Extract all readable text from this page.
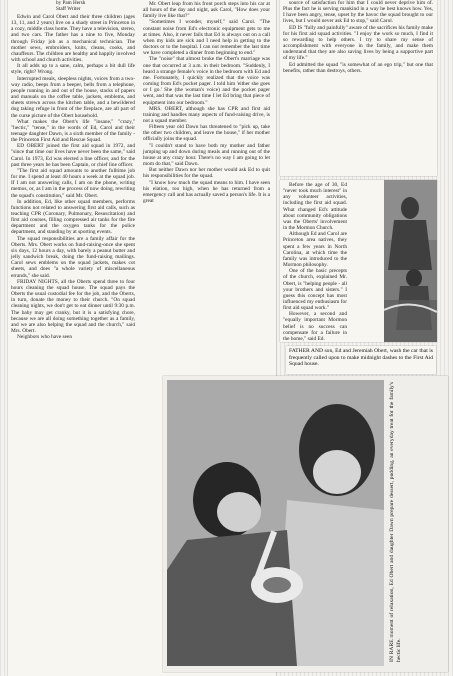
by Pam Hersh
Staff Writer
Edwin and Carol Obert and their three children (ages 13, 11, and 2 years) live on a shady street in Princeton in a cozy, middle class home. They have a television, stereo, and two cars. The father has a nine to five, Monday through Friday job as a mechanical technician. The mother sews, embroiders, knits, cleans, cooks, and chauffeurs. The children are healthy and happily involved with school and church activities.
It all adds up to a sane, calm, perhaps a bit dull life style, right? Wrong.
Interrupted meals, sleepless nights, voices from a two-way radio, beeps from a beeper, bells from a telephone, people running in and out of the house, stacks of papers and manuals on the coffee table, jackets, emblems, and sheets strewn across the kitchen table, and a bewildered dog taking refuge in front of the fireplace, are all part of the curse picture of the Obert household.
What makes the Obert's life "insane," "crazy," "hectic," "tense," in the words of Ed, Carol and their teenage daughter Dawn, is a sixth member of the family - the Princeton First Aid and Rescue Squad.
ED OBERT joined the first aid squad in 1972, and "since that time our lives have never been the same," said Carol. In 1973, Ed was elected a line officer, and for the past three years he has been Captain, or chief line officer.
"The first aid squad amounts to another fulltime job for me. I spend at least 40 hours a week at the squad job. If I am not answering calls, I am on the phone, writing memos, or, as I am in the process of now doing, rewriting the squad's constitution," said Mr. Obert.
In addition, Ed, like other squad members, performs functions not related to answering first aid calls, such as teaching CPR (Coronary, Pulmonary, Resuscitation) and first aid courses, filling compressed air tanks for the fire department and the oxygen tanks for the police department, and standing by at sporting events.
The squad responsibilities are a family affair for the Oberts. Mrs. Obert works on fund-raising-once she spent six days, 12 hours a day, with barely a peanut butter and jelly sandwich break, doing the fund-raising mailings. Carol sews emblems on the squad jackets, makes cot sheets, and does "a whole variety of miscellaneous errands," she said.
FRIDAY NIGHTS, all the Oberts spend three to four hours cleaning the squad house. The squad pays the Oberts the usual custodial fee for the job, and the Oberts, in turn, donate the money to their church. "On squad cleaning nights, we don't get to eat dinner until 9:30 p.m. The baby may get cranky, but it is a satisfying chore, because we are all doing something together as a family, and we are also helping the squad and the church," said Mrs. Obert.
Neighbors who have seen
Mr. Obert leap from his front porch steps into his car at all hours of the day and night, ask Carol, "How does your family live like that?"
"Sometimes I wonder, myself," said Carol. "The constant noise from Ed's electronic equipment gets to me at times. Also, it never fails that Ed is always out on a call when my kids are sick and I need help in getting to the doctors or to the hospital. I can not remember the last time we have completed a dinner from beginning to end."
The "noise" that almost broke the Obert's marriage was one that occurred at 3 a.m. in their bedroom. "Suddenly, I heard a strange female's voice in the bedroom with Ed and me. Fortunately, I quickly realized that the voice was coming from Ed's pocket pager. I told him 'either she goes or I go.' She (the woman's voice) and the pocket pager went, and that was the last time I let Ed bring that piece of equipment into our bedroom."
MRS. OBERT, although she has CPR and first aid training and handles many aspects of fund-raising drive, is not a squad member.
Fifteen year old Dawn has threatened to "pick up, take the other two children, and leave the house," if her mother officially joins the squad.
"I couldn't stand to have both my mother and father jumping up and down during meals and running out of the house at any crazy hour. There's no way I am going to let mom do that," said Dawn.
But neither Dawn nor her mother would ask Ed to quit his responsibilities for the squad.
"I know how much the squad means to him. I have seen his elation, too high, when he has returned from a emergency call and has actually saved a person's life. It is a great
source of satisfaction for him that I could never deprive him of. Plus the fact he is serving mankind in a way he best knows how. Yes, I have been angry, tense, upset by the havoc the squad brought to our lives, but I would never ask Ed to stop," said Carol.
ED IS "fully and painfully" aware of the sacrifices his family make for his first aid squad activities. "I enjoy the work so much, I find it so rewarding to help others. I try to share my sense of accomplishment with everyone in the family, and make them understand that they are also saving lives by being a supportive part of my life."
Ed admitted the squad "is somewhat of an ego trip," but one that benefits, rather than destroys, others.
Before the age of 30, Ed "never took much interest" in any volunteer activities, including the first aid squad. What changed Ed's attitude about community obligations was the Oberts' involvement in the Mormon Church.
Although Ed and Carol are Princeton area natives, they spent a few years in North Carolina, at which time the family was introduced to the Mormon philosophy.
One of the basic precepts of the church, explained Mr. Obert, is "helping people - all your brothers and sisters." I guess this concept has most influenced my enthusiasm for first aid squad work."
However, a second and "equally important Mormon belief is no success can compensate for a failure in the home," said Ed.
IN RARE moment of relaxation, Ed Obert and daughter Dawn prepare dessert, pudding, an everyday treat for the family's hectic life.
FATHER AND son, Ed and Jeremiah Obert, wash the car that is frequently called upon to make midnight dashes to the First Aid Squad house.
